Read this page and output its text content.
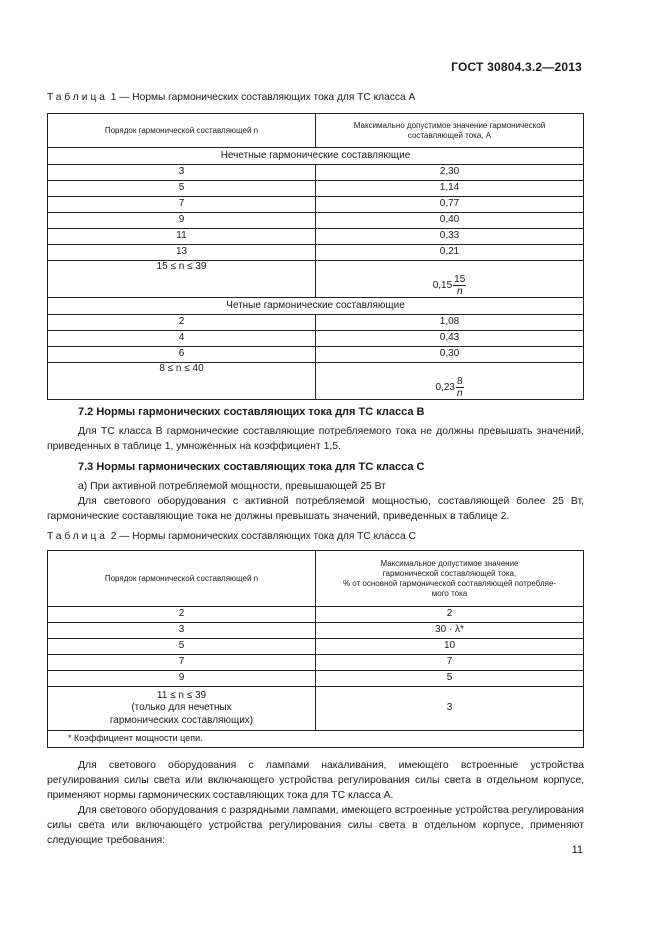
ГОСТ 30804.3.2—2013
Таблица 1 — Нормы гармонических составляющих тока для ТС класса А
Порядок гармонической составляющей n	Максимально допустимое значение гармонической составляющей тока, А
Нечетные гармонические составляющие	
3	2,30
5	1,14
7	0,77
9	0,40
11	0,33
13	0,21
15 ≤ n ≤ 39	$0,15 \frac{15}{n}$

Четные гармонические составляющие	
2	1,08
4	0,43
6	0,30
8 ≤ n ≤ 40	$0,23 \frac{8}{n}$
7.2 Нормы гармонических составляющих тока для ТС класса В
Для ТС класса В гармонические составляющие потребляемого тока не должны превышать значений, приведенных в таблице 1, умноженных на коэффициент 1,5.
7.3 Нормы гармонических составляющих тока для ТС класса С
а) При активной потребляемой мощности, превышающей 25 Вт
Для светового оборудования с активной потребляемой мощностью, составляющей более 25 Вт, гармонические составляющие тока не должны превышать значений, приведенных в таблице 2.
Таблица 2 — Нормы гармонических составляющих тока для ТС класса С
Порядок гармонической составляющей n	Максимальное допустимое значение
гармонической составляющей тока,
% от основной гармонической составляющей потребляе-
мого тока

2	2
3	30 · λ*
5	10
7	7
9	5

11 ≤ n ≤ 39
(только для нечетных
гармонических составляющих)	3
* Коэффициент мощности цепи.	
Для светового оборудования с лампами накаливания, имеющего встроенные устройства регулирования силы света или включающего устройства регулирования силы света в отдельном корпусе, применяют нормы гармонических составляющих тока для ТС класса А.
Для светового оборудования с разрядными лампами, имеющего встроенные устройства регулирования силы света или включающего устройства регулирования силы света в отдельном корпусе, применяют следующие требования:
11
